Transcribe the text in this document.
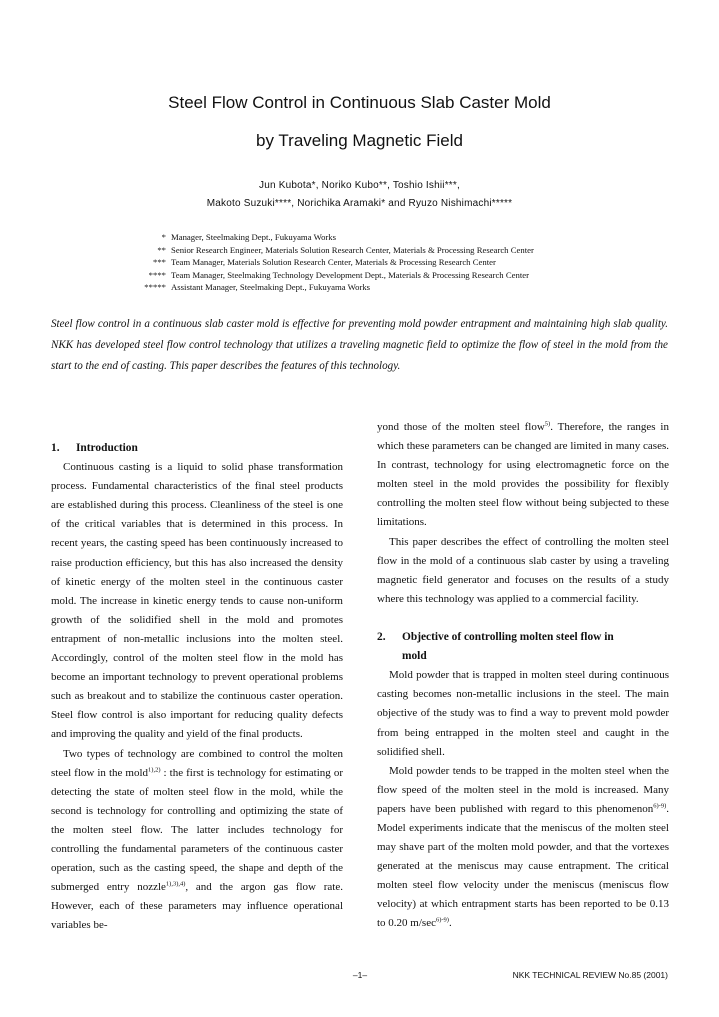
Steel Flow Control in Continuous Slab Caster Mold
by Traveling Magnetic Field
Jun Kubota*, Noriko Kubo**, Toshio Ishii***,
Makoto Suzuki****, Norichika Aramaki* and Ryuzo Nishimachi*****
* Manager, Steelmaking Dept., Fukuyama Works
** Senior Research Engineer, Materials Solution Research Center, Materials & Processing Research Center
*** Team Manager, Materials Solution Research Center, Materials & Processing Research Center
**** Team Manager, Steelmaking Technology Development Dept., Materials & Processing Research Center
***** Assistant Manager, Steelmaking Dept., Fukuyama Works
Steel flow control in a continuous slab caster mold is effective for preventing mold powder entrapment and maintaining high slab quality. NKK has developed steel flow control technology that utilizes a traveling magnetic field to optimize the flow of steel in the mold from the start to the end of casting. This paper describes the features of this technology.
1. Introduction

Continuous casting is a liquid to solid phase transformation process. Fundamental characteristics of the final steel products are established during this process. Cleanliness of the steel is one of the critical variables that is determined in this process. In recent years, the casting speed has been continuously increased to raise production efficiency, but this has also increased the density of kinetic energy of the molten steel in the continuous caster mold. The increase in kinetic energy tends to cause non-uniform growth of the solidified shell in the mold and promotes entrapment of non-metallic inclusions into the molten steel. Accordingly, control of the molten steel flow in the mold has become an important technology to prevent operational problems such as breakout and to stabilize the continuous caster operation. Steel flow control is also important for reducing quality defects and improving the quality and yield of the final products.

Two types of technology are combined to control the molten steel flow in the mold$^{1),2)}$ : the first is technology for estimating or detecting the state of molten steel flow in the mold, while the second is technology for controlling and optimizing the state of the molten steel flow. The latter includes technology for controlling the fundamental parameters of the continuous caster operation, such as the casting speed, the shape and depth of the submerged entry nozzle$^{1),3),4)}$, and the argon gas flow rate. However, each of these parameters may influence operational variables be-

yond those of the molten steel flow$^{5)}$. Therefore, the ranges in which these parameters can be changed are limited in many cases. In contrast, technology for using electromagnetic force on the molten steel in the mold provides the possibility for flexibly controlling the molten steel flow without being subjected to these limitations.

This paper describes the effect of controlling the molten steel flow in the mold of a continuous slab caster by using a traveling magnetic field generator and focuses on the results of a study where this technology was applied to a commercial facility.

2. Objective of controlling molten steel flow in
mold

Mold powder that is trapped in molten steel during continuous casting becomes non-metallic inclusions in the steel. The main objective of the study was to find a way to prevent mold powder from being entrapped in the molten steel and caught in the solidified shell.

Mold powder tends to be trapped in the molten steel when the flow speed of the molten steel in the mold is increased. Many papers have been published with regard to this phenomenon$^{6)-9)}$. Model experiments indicate that the meniscus of the molten steel may shave part of the molten mold powder, and that the vortexes generated at the meniscus may cause entrapment. The critical molten steel flow velocity under the meniscus (meniscus flow velocity) at which entrapment starts has been reported to be 0.13 to 0.20 $m/\sec^{6)-9)}$.

–1–	NKK TECHNICAL REVIEW No.85 (2001)
